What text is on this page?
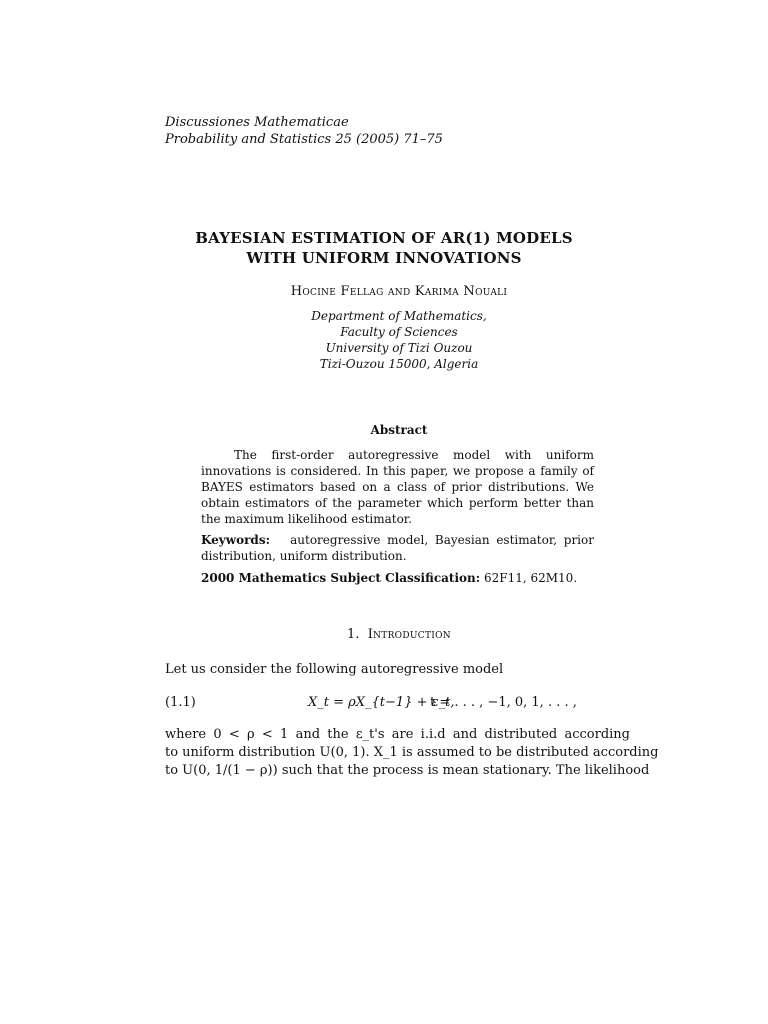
Discussiones Mathematicae
Probability and Statistics 25 (2005) 71–75
BAYESIAN ESTIMATION OF AR(1) MODELS
WITH UNIFORM INNOVATIONS
Hocine Fellag and Karima Nouali
Department of Mathematics,
Faculty of Sciences
University of Tizi Ouzou
Tizi-Ouzou 15000, Algeria
Abstract

The first-order autoregressive model with uniform innovations is considered. In this paper, we propose a family of BAYES estimators based on a class of prior distributions. We obtain estimators of the parameter which perform better than the maximum likelihood estimator.

Keywords: autoregressive model, Bayesian estimator, prior distribution, uniform distribution.
2000 Mathematics Subject Classification: 62F11, 62M10.
1. Introduction
Let us consider the following autoregressive model
(1.1)	X_t = ρX_{t−1} + ε_t,
t = . . . , −1, 0, 1, . . . ,
where 0 < ρ < 1 and the ε_t's are i.i.d and distributed according
to uniform distribution U(0, 1). X_1 is assumed to be distributed according
to U(0, 1/(1 − ρ)) such that the process is mean stationary. The likelihood
